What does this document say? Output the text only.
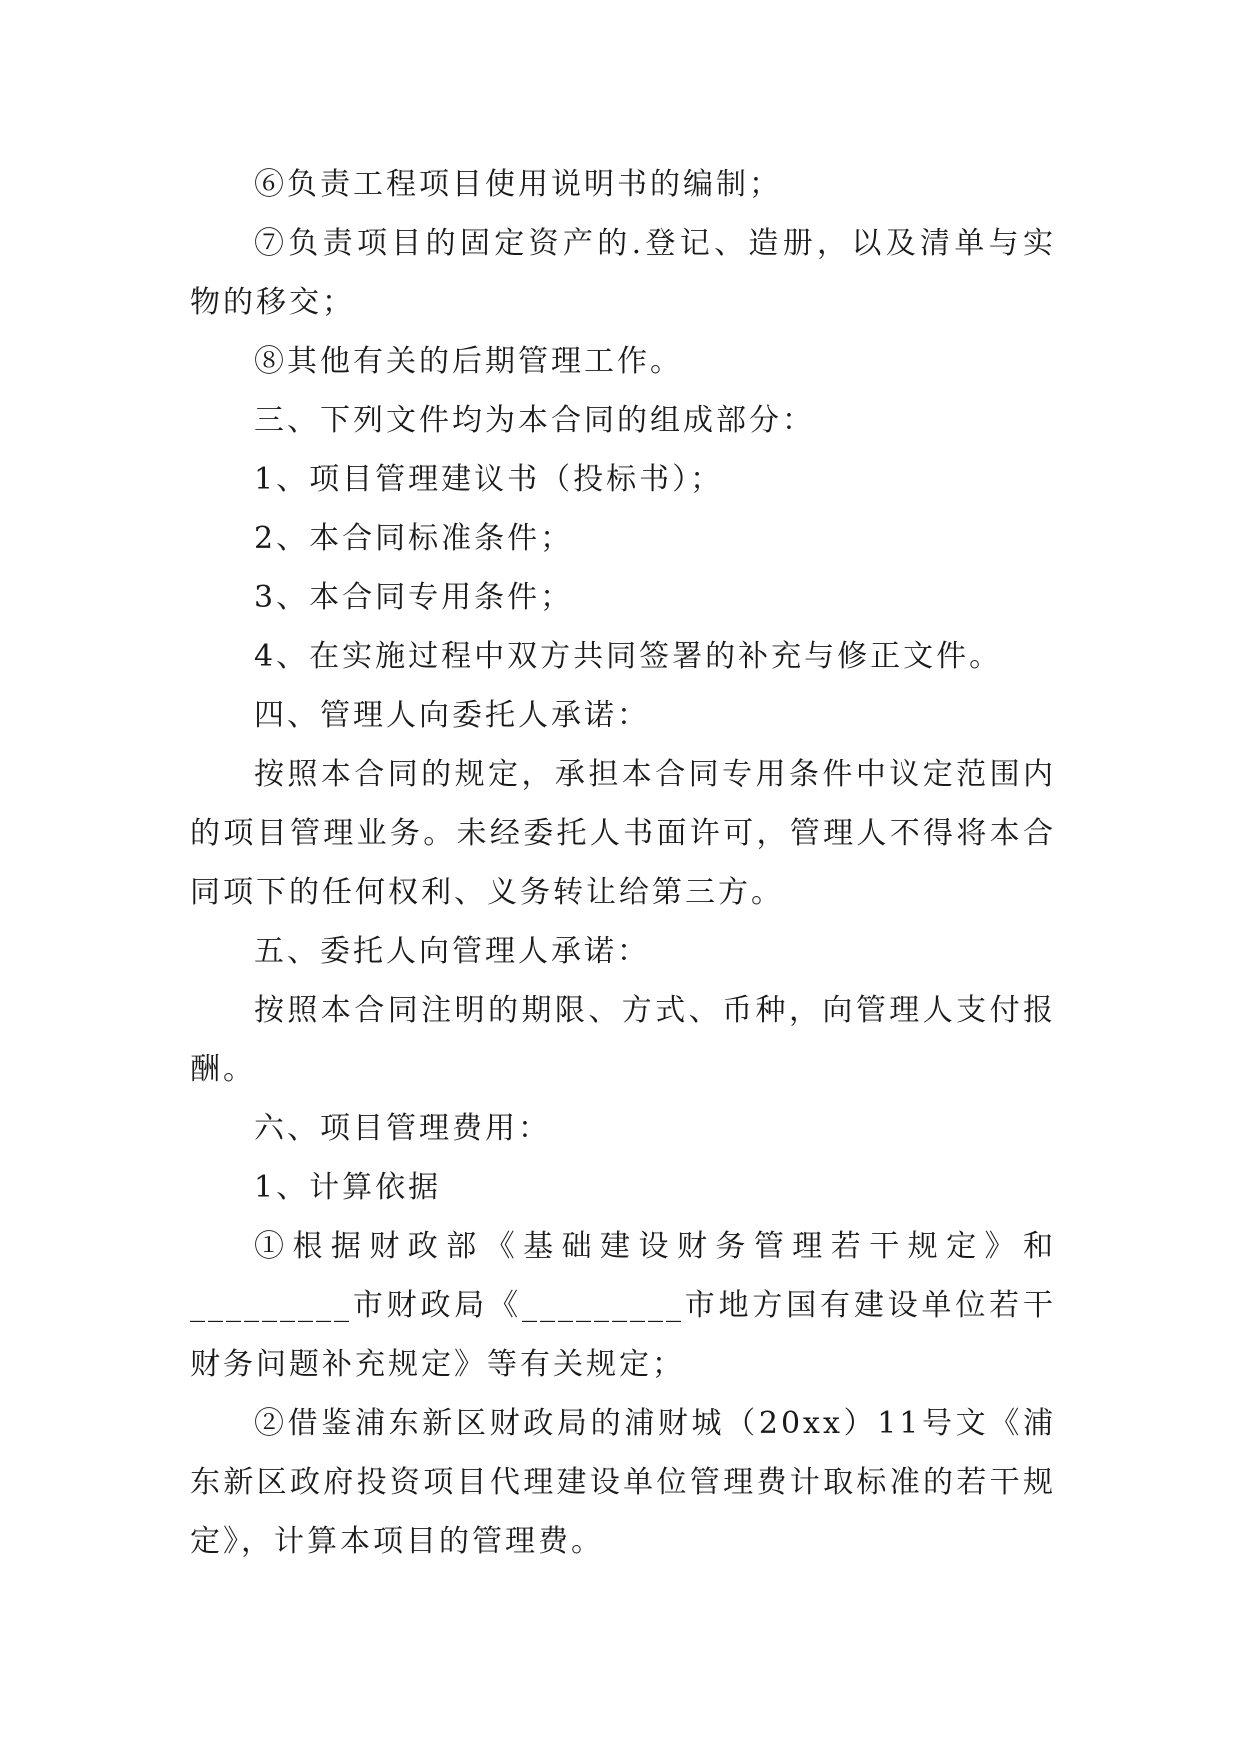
⑥负责工程项目使用说明书的编制；

⑦负责项目的固定资产的.登记、造册，以及清单与实物的移交；

⑧其他有关的后期管理工作。

三、下列文件均为本合同的组成部分：

1、项目管理建议书（投标书）；

2、本合同标准条件；

3、本合同专用条件；

4、在实施过程中双方共同签署的补充与修正文件。

四、管理人向委托人承诺：

按照本合同的规定，承担本合同专用条件中议定范围内的项目管理业务。未经委托人书面许可，管理人不得将本合同项下的任何权利、义务转让给第三方。

五、委托人向管理人承诺：

按照本合同注明的期限、方式、币种，向管理人支付报酬。

六、项目管理费用：

1、计算依据

①根据财政部《基础建设财务管理若干规定》和_________市财政局《_________市地方国有建设单位若干财务问题补充规定》等有关规定；

②借鉴浦东新区财政局的浦财城（20xx）11号文《浦东新区政府投资项目代理建设单位管理费计取标准的若干规定》，计算本项目的管理费。
